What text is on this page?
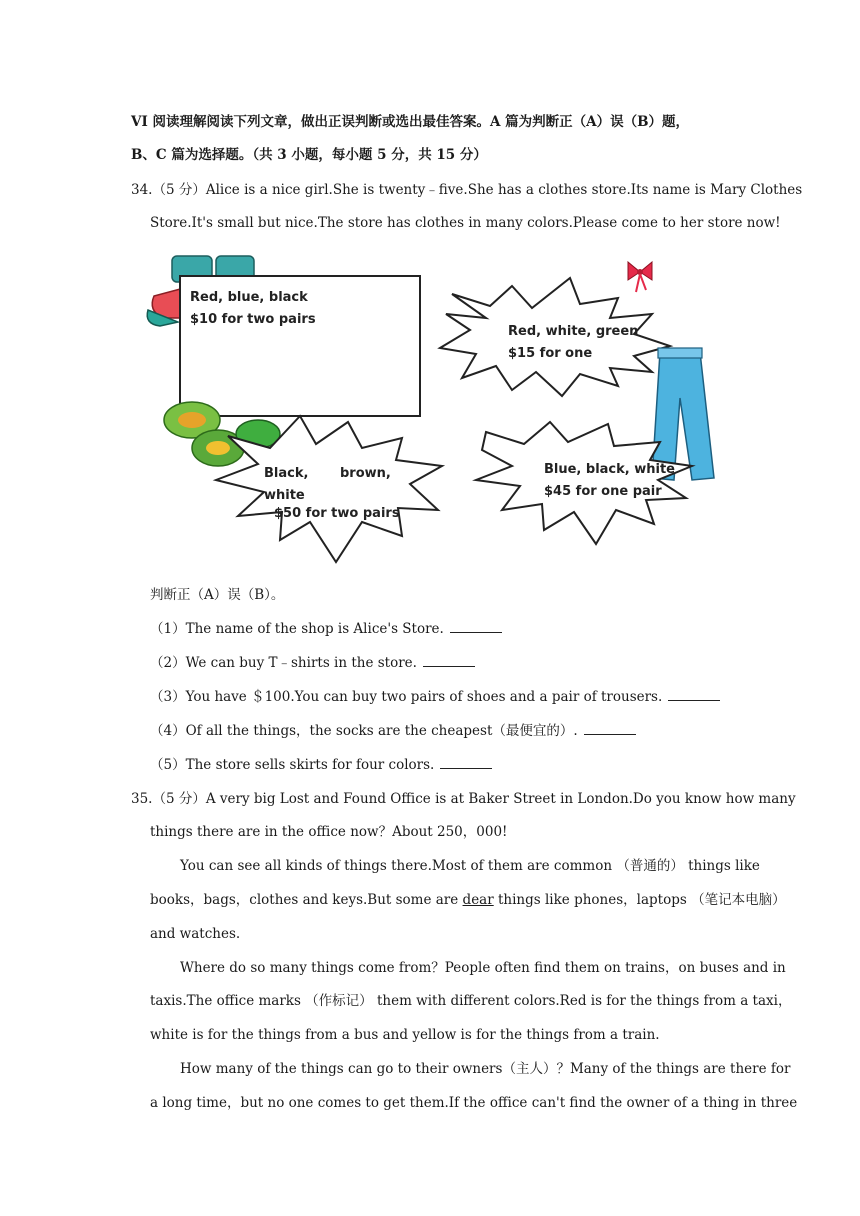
VI 阅读理解阅读下列文章，做出正误判断或选出最佳答案。A 篇为判断正（A）误（B）题，
B、C 篇为选择题。（共 3 小题，每小题 5 分，共 15 分）
34.（5 分）Alice is a nice girl.She is twenty﹣five.She has a clothes store.Its name is Mary Clothes
Store.It's small but nice.The store has clothes in many colors.Please come to her store now!
Red, blue, black
$10 for two pairs
Red, white, green
$15 for one
Black, brown,
white
$50 for two pairs
Blue, black, white
$45 for one pair
判断正（A）误（B）。
（1）The name of the shop is Alice's Store.
（2）We can buy T﹣shirts in the store.
（3）You have ＄100.You can buy two pairs of shoes and a pair of trousers.
（4）Of all the things，the socks are the cheapest（最便宜的）.
（5）The store sells skirts for four colors.
35.（5 分）A very big Lost and Found Office is at Baker Street in London.Do you know how many
things there are in the office now？About 250，000!
You can see all kinds of things there.Most of them are common （普通的） things like
books，bags，clothes and keys.But some are dear things like phones，laptops （笔记本电脑）
and watches.
Where do so many things come from？People often find them on trains，on buses and in
taxis.The office marks （作标记） them with different colors.Red is for the things from a taxi，
white is for the things from a bus and yellow is for the things from a train.
How many of the things can go to their owners（主人）？Many of the things are there for
a long time，but no one comes to get them.If the office can't find the owner of a thing in three
